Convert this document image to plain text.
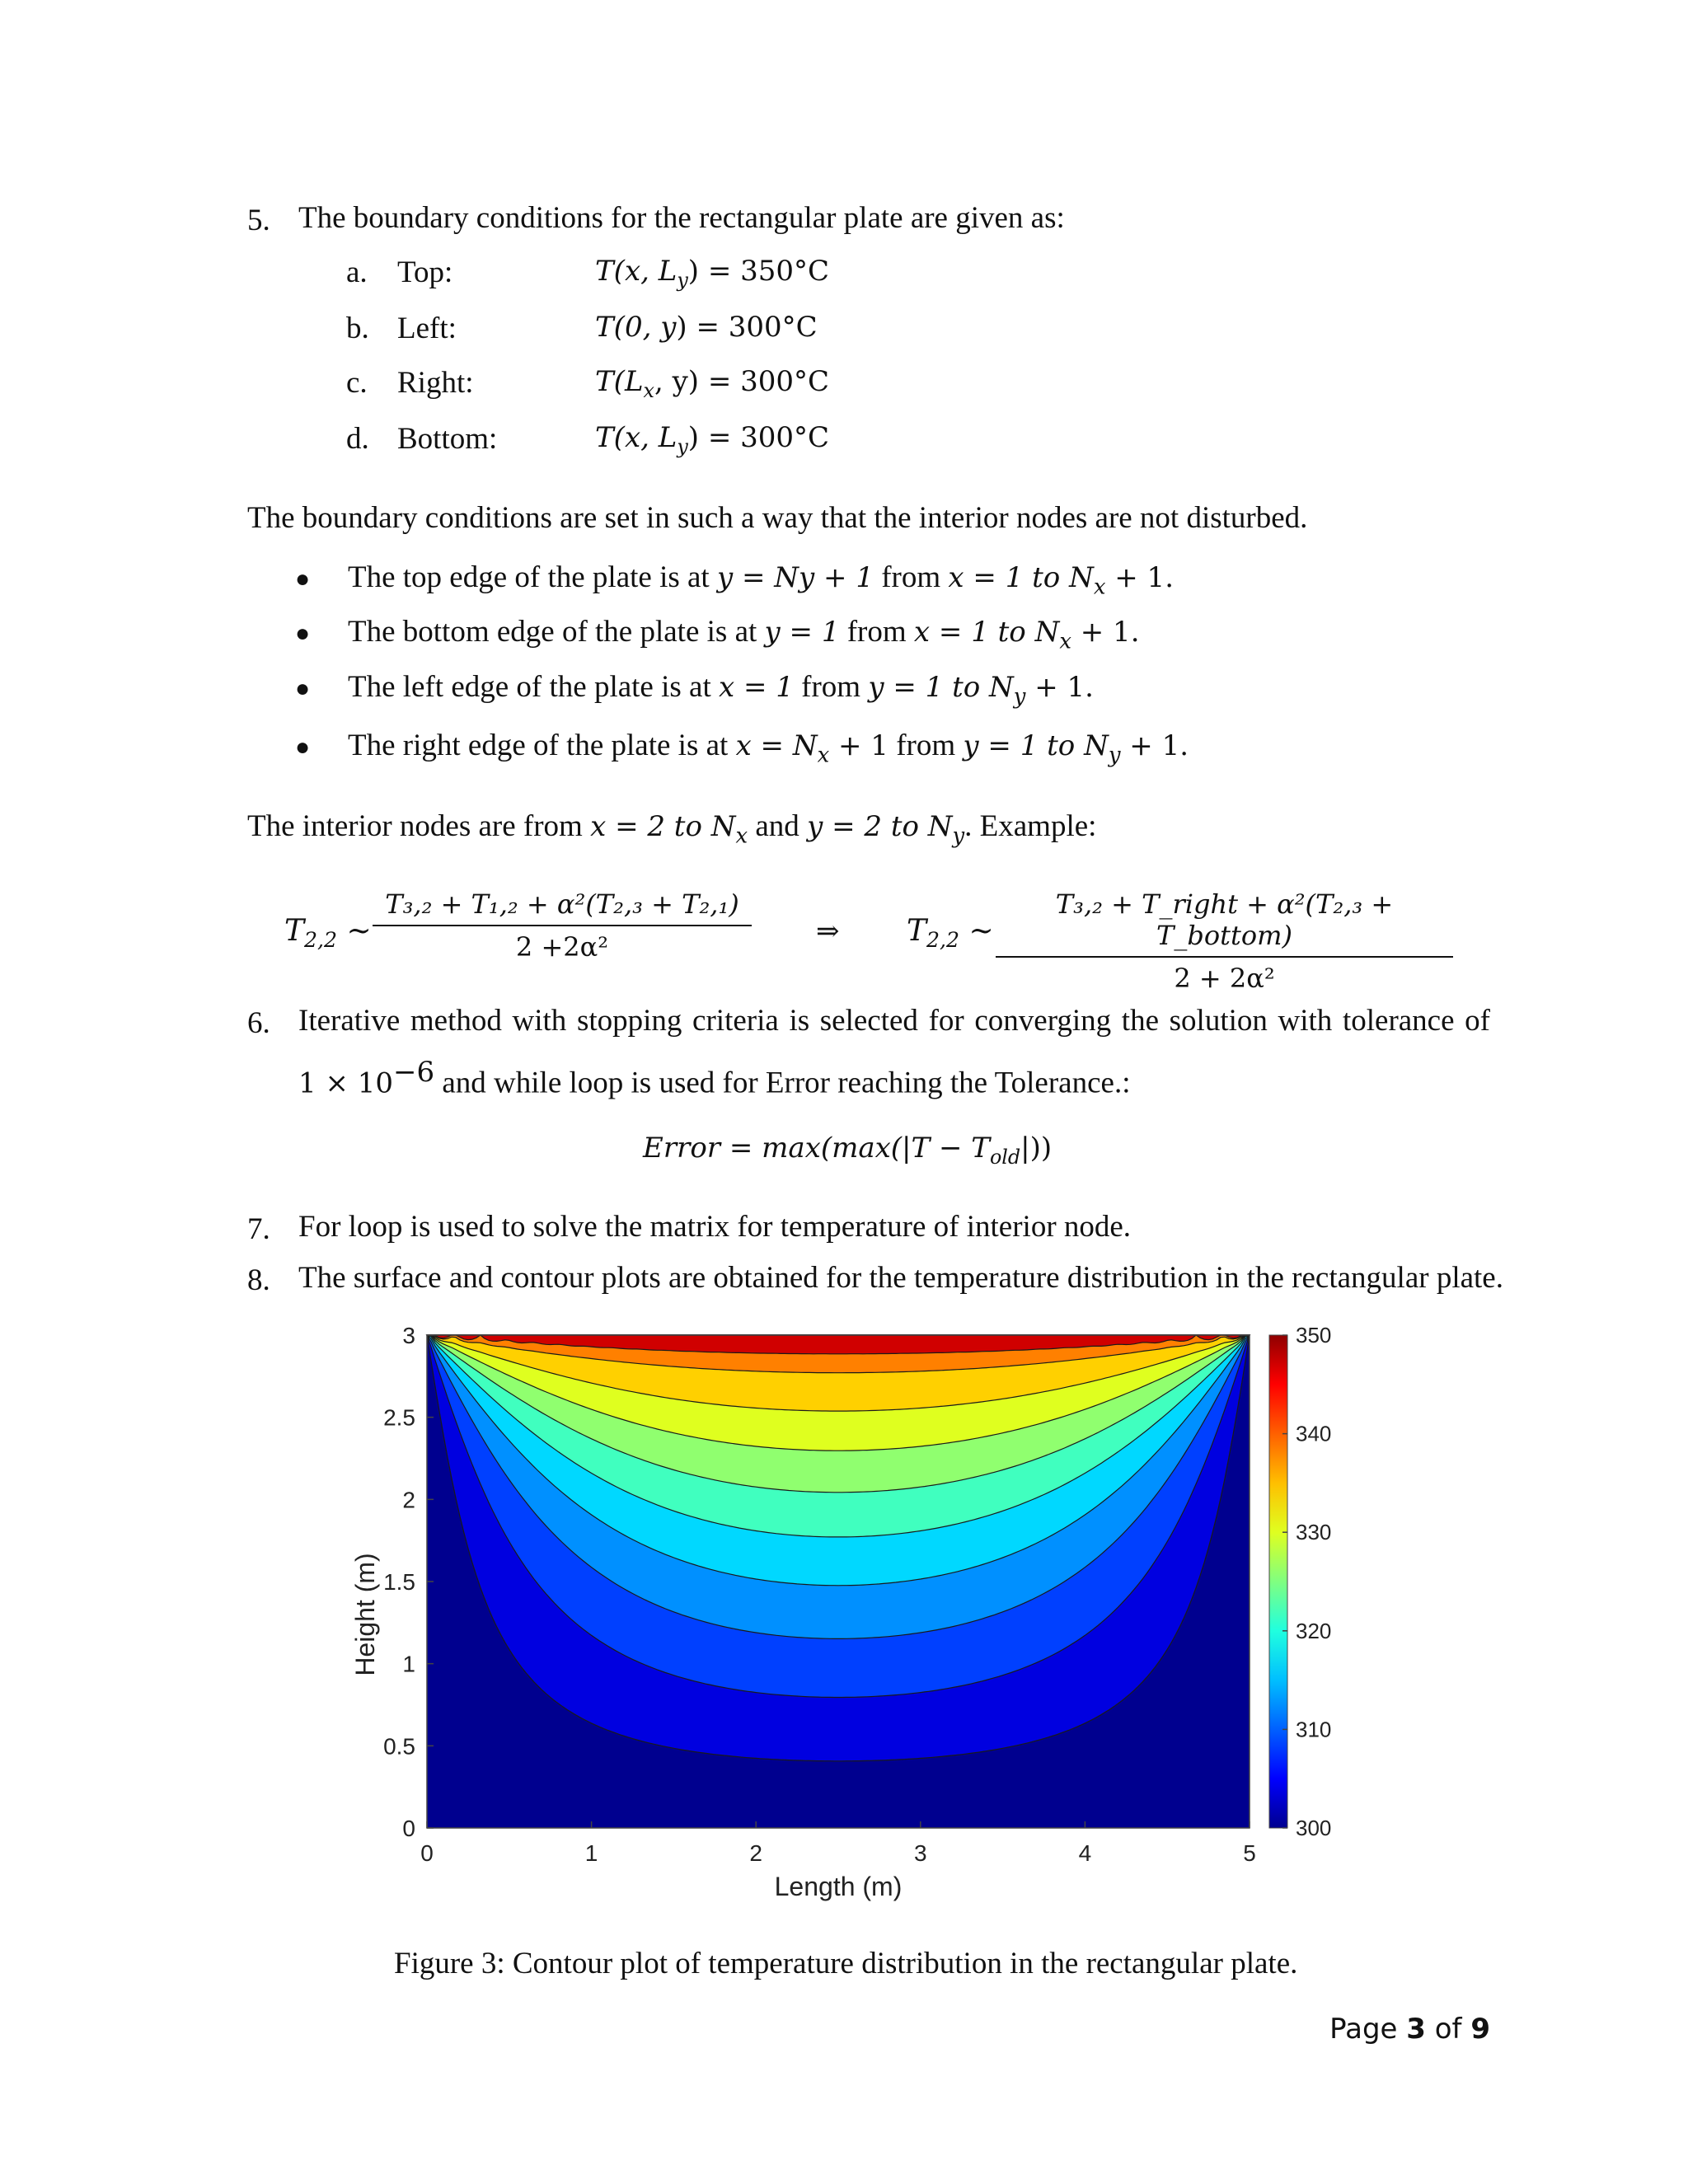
5. The boundary conditions for the rectangular plate are given as:
a. Top:	T(x, $L_y) = 350^\circ C$
b. Left:	T(0, y) = 300°C
c. Right:	$T(L_x$, y) = 300°C
d. Bottom:	T(x, $L_y) = 300^\circ C$
The boundary conditions are set in such a way that the interior nodes are not disturbed.
● The top edge of the plate is at y = Ny + 1 from x = 1 to $N_x + 1$.
● The bottom edge of the plate is at y = 1 from x = 1 to $N_x + 1$.
● The left edge of the plate is at x = 1 from y = 1 to $N_y + 1$.
● The right edge of the plate is at $x = N_x + 1$ from y = 1 to $N_y + 1$.
The interior nodes are from x = 2 to $N_x$ and y = 2 to $N_y$. Example:
$T_{2,2}$ ~
T₃,₂ + T₁,₂ + α²(T₂,₃ + T₂,₁)
2 +2α²	⇒ $T_{2,2}$ ~
T₃,₂ + T_right + α²(T₂,₃ + T_bottom)
2 + 2α²
6. Iterative method with stopping criteria is selected for converging the solution with tolerance of
$1 \times 10^{-6}$ and while loop is used for Error reaching the Tolerance.:
Error = $\max(\max(|T - T_{old}|))$
7. For loop is used to solve the matrix for temperature of interior node.
8. The surface and contour plots are obtained for the temperature distribution in the rectangular plate.
300
310
320
330
340
350
0	1	2	3	4	5
0
0.5
1
1.5
2
2.5
3
Length (m)
Height (m)
Figure 3: Contour plot of temperature distribution in the rectangular plate.
Page 3 of 9
